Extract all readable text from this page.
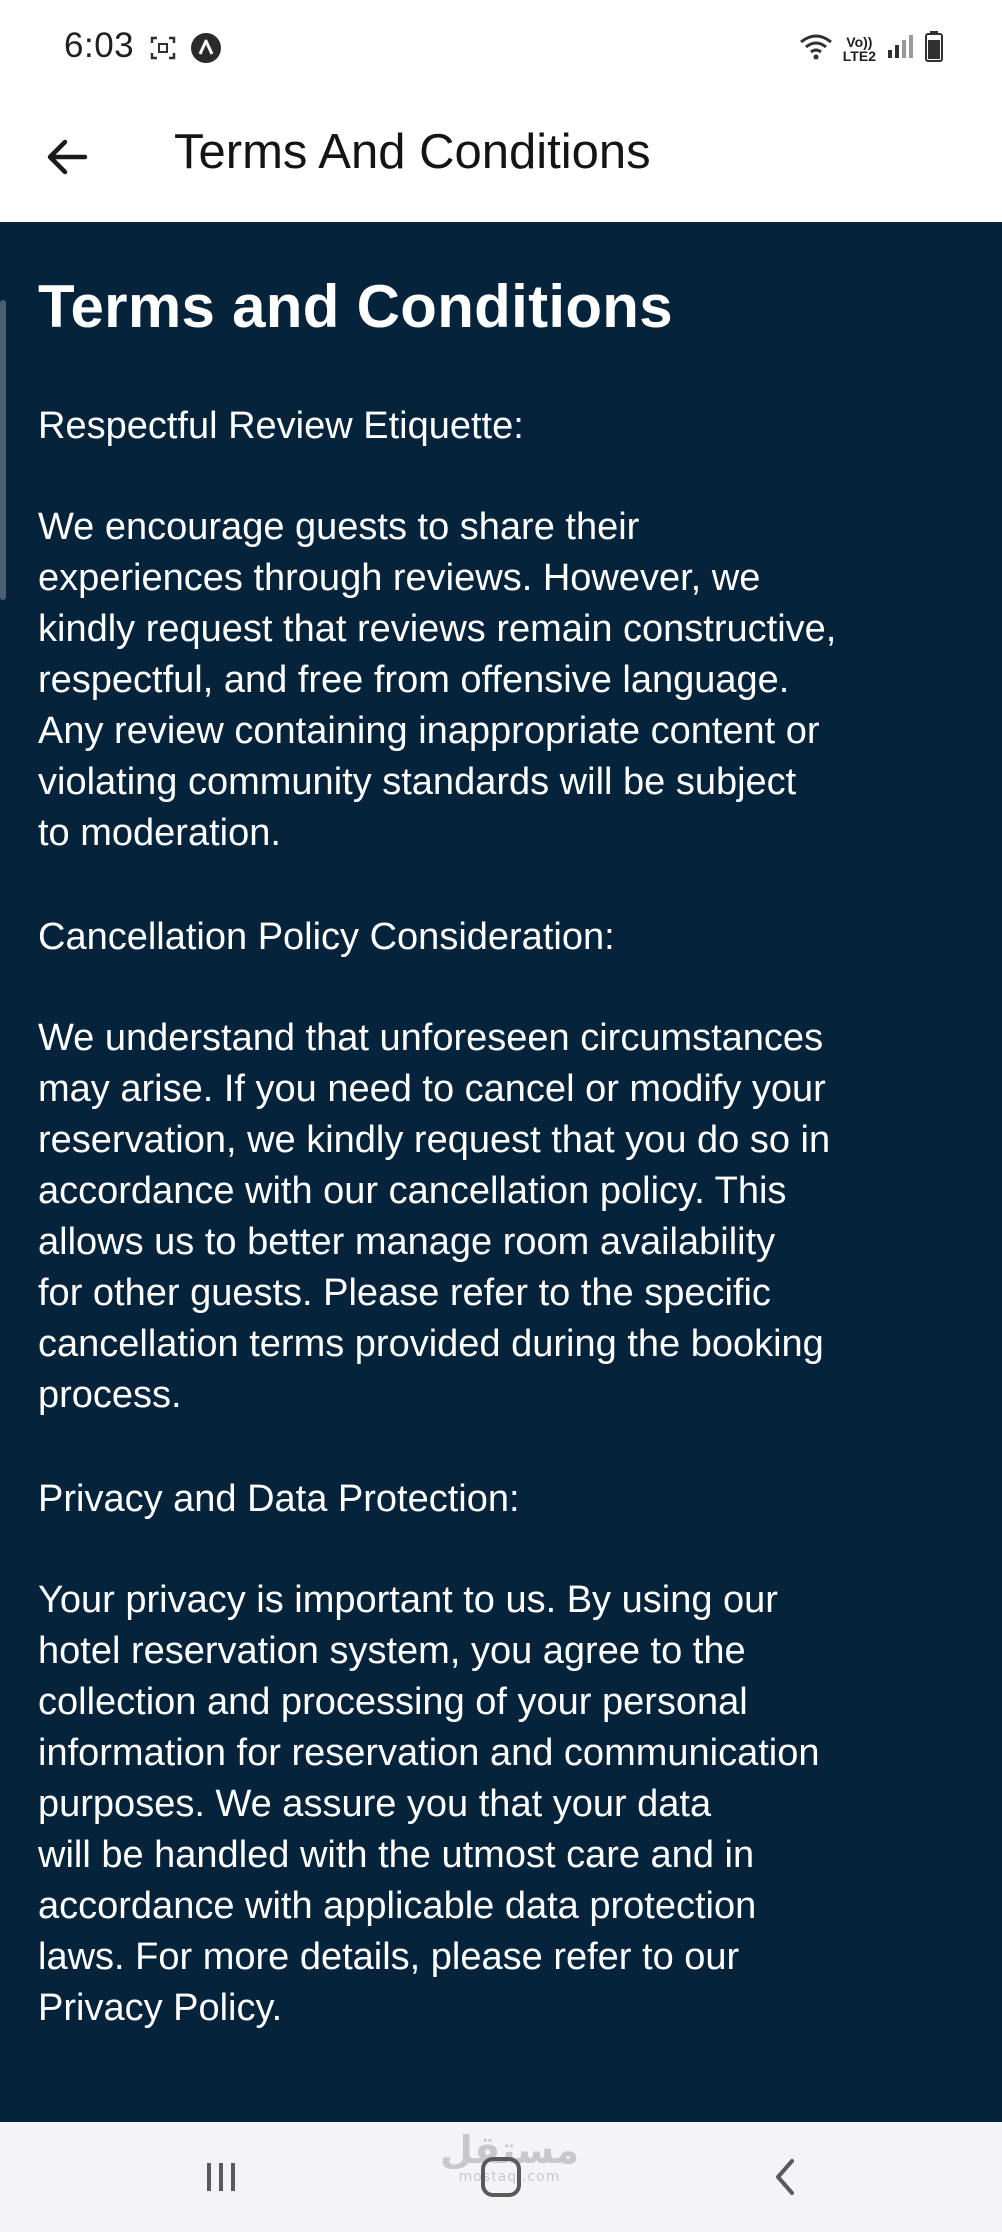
6:03	Vo))
LTE2
Terms And Conditions
Terms and Conditions
Respectful Review Etiquette:
We encourage guests to share their
experiences through reviews. However, we
kindly request that reviews remain constructive,
respectful, and free from offensive language.
Any review containing inappropriate content or
violating community standards will be subject
to moderation.
Cancellation Policy Consideration:
We understand that unforeseen circumstances
may arise. If you need to cancel or modify your
reservation, we kindly request that you do so in
accordance with our cancellation policy. This
allows us to better manage room availability
for other guests. Please refer to the specific
cancellation terms provided during the booking
process.
Privacy and Data Protection:
Your privacy is important to us. By using our
hotel reservation system, you agree to the
collection and processing of your personal
information for reservation and communication
purposes. We assure you that your data
will be handled with the utmost care and in
accordance with applicable data protection
laws. For more details, please refer to our
Privacy Policy.
مستقل
mostaql.com
